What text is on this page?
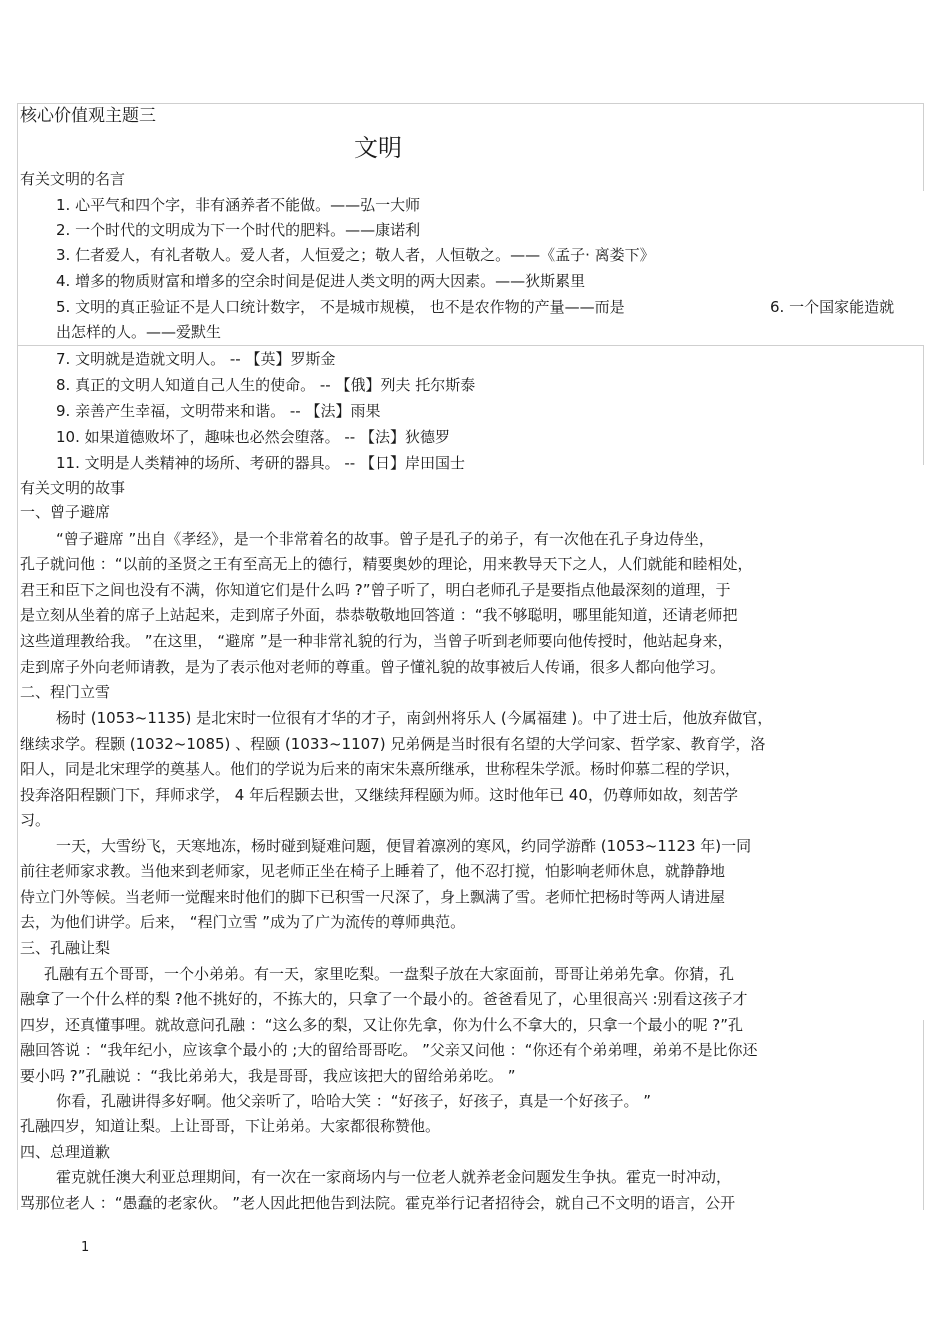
核心价值观主题三
文明
有关文明的名言
1. 心平气和四个字，非有涵养者不能做。——弘一大师
2. 一个时代的文明成为下一个时代的肥料。——康诺利
3. 仁者爱人，有礼者敬人。爱人者，人恒爱之；敬人者，人恒敬之。——《孟子· 离娄下》
4. 增多的物质财富和增多的空余时间是促进人类文明的两大因素。——狄斯累里
5. 文明的真正验证不是人口统计数字， 不是城市规模， 也不是农作物的产量——而是	6. 一个国家能造就
出怎样的人。——爱默生
7. 文明就是造就文明人。 -- 【英】罗斯金
8. 真正的文明人知道自己人生的使命。 -- 【俄】列夫 托尔斯泰
9. 亲善产生幸福，文明带来和谐。 -- 【法】雨果
10. 如果道德败坏了，趣味也必然会堕落。 -- 【法】狄德罗
11. 文明是人类精神的场所、考研的器具。 -- 【日】岸田国士
有关文明的故事
一、曾子避席
“曾子避席 ”出自《孝经》，是一个非常着名的故事。曾子是孔子的弟子，有一次他在孔子身边侍坐，
孔子就问他 ：“以前的圣贤之王有至高无上的德行，精要奥妙的理论，用来教导天下之人，人们就能和睦相处，
君王和臣下之间也没有不满，你知道它们是什么吗 ?”曾子听了，明白老师孔子是要指点他最深刻的道理，于
是立刻从坐着的席子上站起来，走到席子外面，恭恭敬敬地回答道 ：“我不够聪明，哪里能知道，还请老师把
这些道理教给我。 ”在这里， “避席 ”是一种非常礼貌的行为，当曾子听到老师要向他传授时，他站起身来，
走到席子外向老师请教，是为了表示他对老师的尊重。曾子懂礼貌的故事被后人传诵，很多人都向他学习。
二、程门立雪
杨时 (1053~1135) 是北宋时一位很有才华的才子，南剑州将乐人 (今属福建 )。中了进士后，他放弃做官，
继续求学。程颢 (1032~1085) 、程颐 (1033~1107) 兄弟俩是当时很有名望的大学问家、哲学家、教育学，洛
阳人，同是北宋理学的奠基人。他们的学说为后来的南宋朱熹所继承，世称程朱学派。杨时仰慕二程的学识，
投奔洛阳程颢门下，拜师求学， 4 年后程颢去世，又继续拜程颐为师。这时他年已 40，仍尊师如故，刻苦学
习。
一天，大雪纷飞，天寒地冻，杨时碰到疑难问题，便冒着凛冽的寒风，约同学游酢 (1053~1123 年)一同
前往老师家求教。当他来到老师家，见老师正坐在椅子上睡着了，他不忍打搅，怕影响老师休息，就静静地
侍立门外等候。当老师一觉醒来时他们的脚下已积雪一尺深了，身上飘满了雪。老师忙把杨时等两人请进屋
去，为他们讲学。后来， “程门立雪 ”成为了广为流传的尊师典范。
三、孔融让梨
孔融有五个哥哥，一个小弟弟。有一天，家里吃梨。一盘梨子放在大家面前，哥哥让弟弟先拿。你猜，孔
融拿了一个什么样的梨 ?他不挑好的，不拣大的，只拿了一个最小的。爸爸看见了，心里很高兴 :别看这孩子才
四岁，还真懂事哩。就故意问孔融 ：“这么多的梨，又让你先拿，你为什么不拿大的，只拿一个最小的呢 ?”孔
融回答说 ：“我年纪小，应该拿个最小的 ;大的留给哥哥吃。 ”父亲又问他 ：“你还有个弟弟哩，弟弟不是比你还
要小吗 ?”孔融说 ：“我比弟弟大，我是哥哥，我应该把大的留给弟弟吃。 ”
你看，孔融讲得多好啊。他父亲听了，哈哈大笑 ：“好孩子，好孩子，真是一个好孩子。 ”
孔融四岁，知道让梨。上让哥哥，下让弟弟。大家都很称赞他。
四、总理道歉
霍克就任澳大利亚总理期间，有一次在一家商场内与一位老人就养老金问题发生争执。霍克一时冲动，
骂那位老人 ：“愚蠢的老家伙。 ”老人因此把他告到法院。霍克举行记者招待会，就自己不文明的语言，公开
1
